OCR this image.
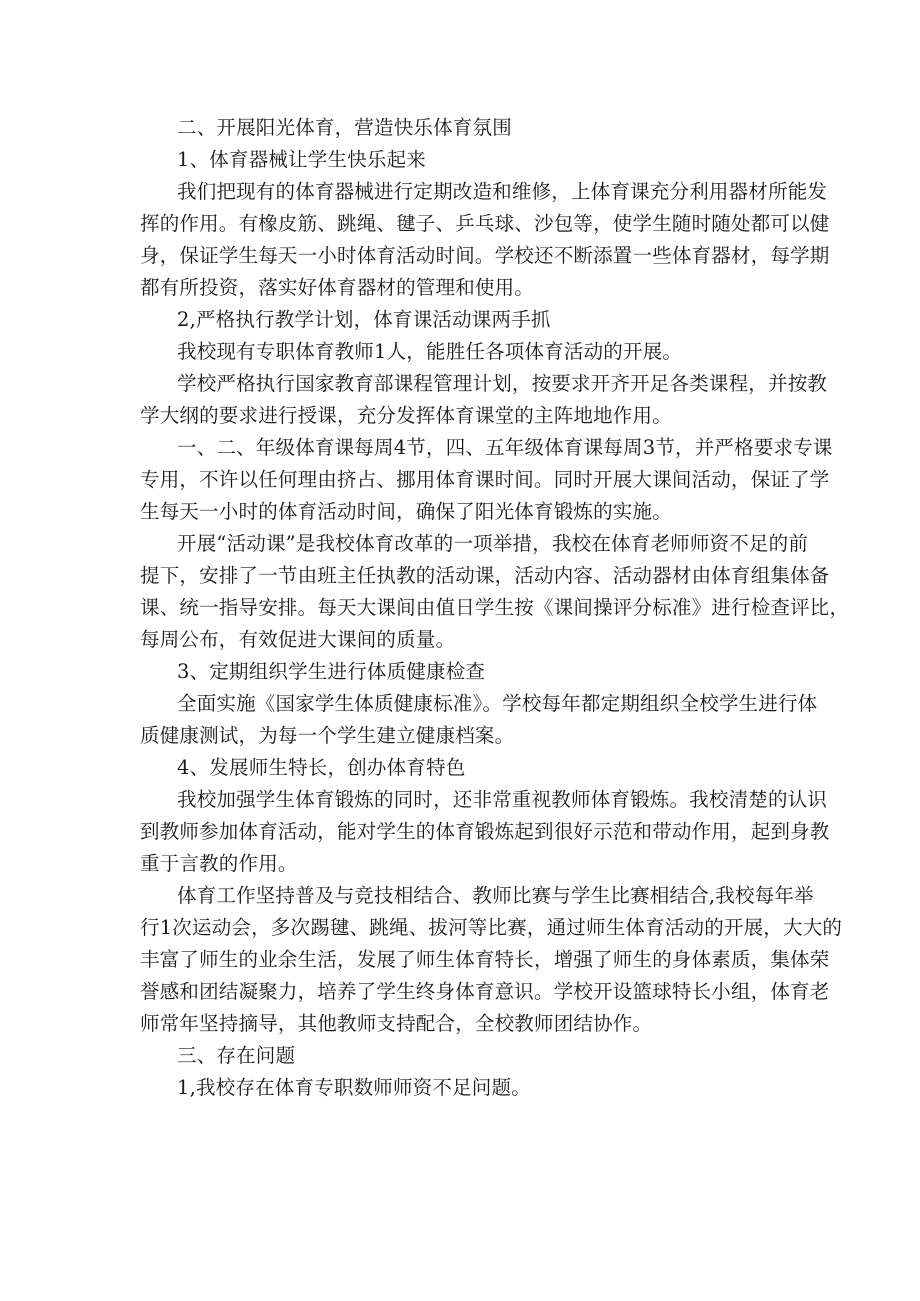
二、开展阳光体育，营造快乐体育氛围

1、体育器械让学生快乐起来

我们把现有的体育器械进行定期改造和维修，上体育课充分利用器材所能发

挥的作用。有橡皮筋、跳绳、毽子、乒乓球、沙包等，使学生随时随处都可以健

身，保证学生每天一小时体育活动时间。学校还不断添置一些体育器材，每学期

都有所投资，落实好体育器材的管理和使用。

2,严格执行教学计划，体育课活动课两手抓

我校现有专职体育教师1人，能胜任各项体育活动的开展。

学校严格执行国家教育部课程管理计划，按要求开齐开足各类课程，并按教

学大纲的要求进行授课，充分发挥体育课堂的主阵地地作用。

一、二、年级体育课每周4节，四、五年级体育课每周3节，并严格要求专课

专用，不许以任何理由挤占、挪用体育课时间。同时开展大课间活动，保证了学

生每天一小时的体育活动时间，确保了阳光体育锻炼的实施。

开展“活动课”是我校体育改革的一项举措，我校在体育老师师资不足的前

提下，安排了一节由班主任执教的活动课，活动内容、活动器材由体育组集体备

课、统一指导安排。每天大课间由值日学生按《课间操评分标准》进行检查评比，

每周公布，有效促进大课间的质量。

3、定期组织学生进行体质健康检查

全面实施《国家学生体质健康标准》。学校每年都定期组织全校学生进行体

质健康测试，为每一个学生建立健康档案。

4、发展师生特长，创办体育特色

我校加强学生体育锻炼的同时，还非常重视教师体育锻炼。我校清楚的认识

到教师参加体育活动，能对学生的体育锻炼起到很好示范和带动作用，起到身教

重于言教的作用。

体育工作坚持普及与竞技相结合、教师比赛与学生比赛相结合,我校每年举

行1次运动会，多次踢毽、跳绳、拔河等比赛，通过师生体育活动的开展，大大的

丰富了师生的业余生活，发展了师生体育特长，增强了师生的身体素质，集体荣

誉感和团结凝聚力，培养了学生终身体育意识。学校开设篮球特长小组，体育老

师常年坚持摘导，其他教师支持配合，全校教师团结协作。

三、存在问题

1,我校存在体育专职数师师资不足问题。
